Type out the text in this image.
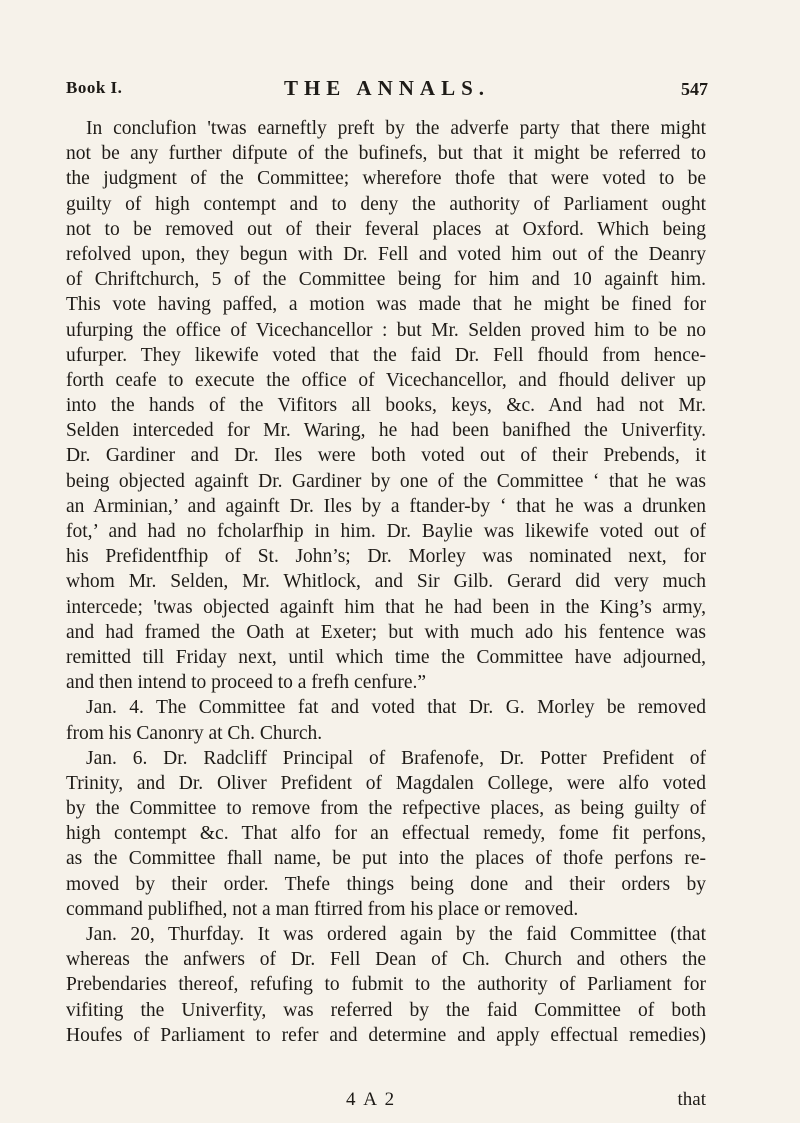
Book I.	THE ANNALS.	547
In conclufion 'twas earneftly preft by the adverfe party that there might
not be any further difpute of the bufinefs, but that it might be referred to
the judgment of the Committee; wherefore thofe that were voted to be
guilty of high contempt and to deny the authority of Parliament ought
not to be removed out of their feveral places at Oxford. Which being
refolved upon, they begun with Dr. Fell and voted him out of the Deanry
of Chriftchurch, 5 of the Committee being for him and 10 againft him.
This vote having paffed, a motion was made that he might be fined for
ufurping the office of Vicechancellor : but Mr. Selden proved him to be no
ufurper. They likewife voted that the faid Dr. Fell fhould from hence-
forth ceafe to execute the office of Vicechancellor, and fhould deliver up
into the hands of the Vifitors all books, keys, &c. And had not Mr.
Selden interceded for Mr. Waring, he had been banifhed the Univerfity.
Dr. Gardiner and Dr. Iles were both voted out of their Prebends, it
being objected againft Dr. Gardiner by one of the Committee ‘ that he was
an Arminian,’ and againft Dr. Iles by a ftander-by ‘ that he was a drunken
fot,’ and had no fcholarfhip in him. Dr. Baylie was likewife voted out of
his Prefidentfhip of St. John’s; Dr. Morley was nominated next, for
whom Mr. Selden, Mr. Whitlock, and Sir Gilb. Gerard did very much
intercede; 'twas objected againft him that he had been in the King’s army,
and had framed the Oath at Exeter; but with much ado his fentence was
remitted till Friday next, until which time the Committee have adjourned,
and then intend to proceed to a frefh cenfure.”
Jan. 4. The Committee fat and voted that Dr. G. Morley be removed
from his Canonry at Ch. Church.
Jan. 6. Dr. Radcliff Principal of Brafenofe, Dr. Potter Prefident of
Trinity, and Dr. Oliver Prefident of Magdalen College, were alfo voted
by the Committee to remove from the refpective places, as being guilty of
high contempt &c. That alfo for an effectual remedy, fome fit perfons,
as the Committee fhall name, be put into the places of thofe perfons re-
moved by their order. Thefe things being done and their orders by
command publifhed, not a man ftirred from his place or removed.
Jan. 20, Thurfday. It was ordered again by the faid Committee (that
whereas the anfwers of Dr. Fell Dean of Ch. Church and others the
Prebendaries thereof, refufing to fubmit to the authority of Parliament for
vifiting the Univerfity, was referred by the faid Committee of both
Houfes of Parliament to refer and determine and apply effectual remedies)
4 A 2	that
